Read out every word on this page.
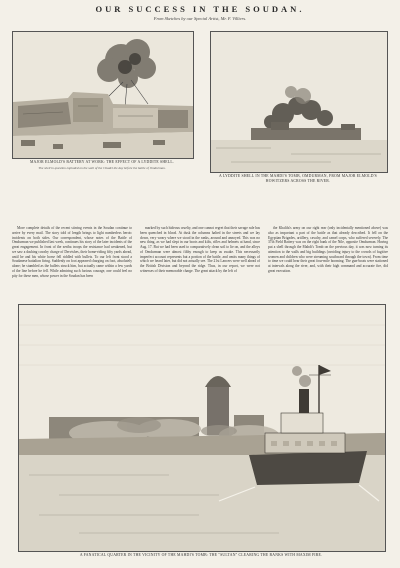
OUR SUCCESS IN THE SOUDAN.
From Sketches by our Special Artist, Mr. F. Villiers.
MAJOR ELMOLD'S BATTERY AT WORK: THE EFFECT OF A LYDDITE SHELL.
The shell in question exploded on the wall of the Citadel the day before the battle of Omdurman.
A LYDDITE SHELL IN THE MAHDI'S TOMB, OMDURMAN, FROM MAJOR ELMOLD'S HOWITZERS ACROSS THE RIVER.

More complete details of the recent stirring events in the Soudan continue to arrive by every mail. The story told of length brings to light numberless heroic incidents on both sides. Our correspondent, whose notes of the Battle of Omdurman we published last week, continues his story of the later incidents of the great engagement. In front of the zeriba troops the resistance had weakened, but we saw a dashing cavalry charge of Dervishes, their home-riding fifty yards ahead, until he and his white horse fell riddled with bullets. To our left front stood a Soudanese battalion firing. Suddenly on foot appeared charging on foot, absolutely alone; he stumbled as the bullets struck him, but actually came within a few yards of the line before he fell. While admiring such furious courage, one could feel no pity for these men, whose power in the Soudan has been

marked by such hideous cruelty, and one cannot regret that their savage rule has been quenched in blood. At dusk the columns halted in the streets and we lay down, very weary where we stood in the ranks, around and annoyed. This was no new thing, as we had slept in our boots and kilts, rifles and helmets at hand, since Aug. 17. But we had been used to comparatively clean soil to lie on, and the alleys of Omdurman were almost filthy enough to keep us awake. This necessarily imperfect account represents but a portion of the battle, and omits many things of which we heard later, but did not actually see. The 21st Lancers were well ahead of the British Division and beyond the ridge. Thus, in our report, we were not witnesses of their memorable charge. The great attack by the left of

the Khalifa's army on our right rear (only incidentally mentioned above) was also as important a part of the battle as that already described. It fell on the Egyptian Brigades, artillery, cavalry, and camel corps, who suffered severely. The 37th Field Battery was on the right bank of the Nile, opposite Omdurman. Having put a shell through the Mahdi's Tomb on the previous day, it was now turning its attention to the walls and big buildings (avoiding injury to the crowds of fugitive women and children who were streaming southward through the town). From time to time we could hear their great four-mile booming. The gun-boats were stationed at intervals along the river, and, with their high command and accurate fire, did great execution.

A FANATICAL QUARTER IN THE VICINITY OF THE MAHDI'S TOMB: THE "SULTAN" CLEARING THE BANKS WITH MAXIM FIRE.
